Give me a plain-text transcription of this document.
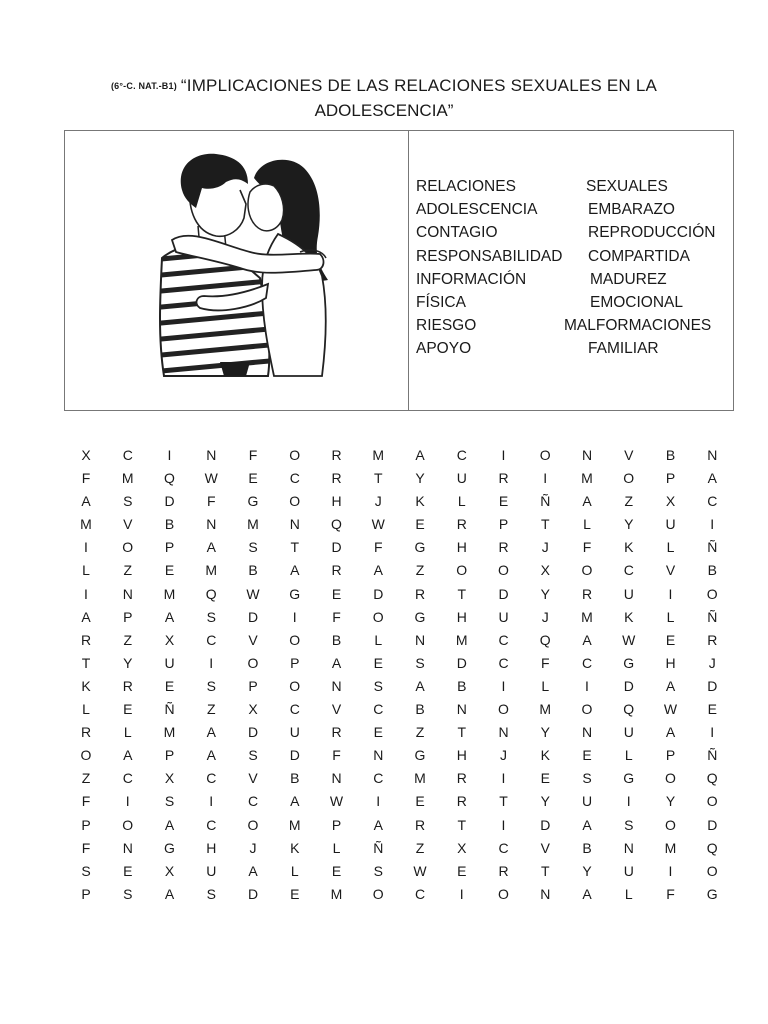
(6°-C. NAT.-B1) “IMPLICACIONES DE LAS RELACIONES SEXUALES EN LA
ADOLESCENCIA”
RELACIONES	SEXUALES
ADOLESCENCIA	EMBARAZO
CONTAGIO	REPRODUCCIÓN
RESPONSABILIDAD COMPARTIDA
INFORMACIÓN	MADUREZ
FÍSICA	EMOCIONAL
RIESGO	MALFORMACIONES
APOYO	FAMILIAR
X	C	I	N	F	O	R	M	A	C	I	O	N	V	B	N
F	M	Q	W	E	C	R	T	Y	U	R	I	M	O	P	A
A	S	D	F	G	O	H	J	K	L	E	Ñ	A	Z	X	C
M	V	B	N	M	N	Q	W	E	R	P	T	L	Y	U	I
I	O	P	A	S	T	D	F	G	H	R	J	F	K	L	Ñ
L	Z	E	M	B	A	R	A	Z	O	O	X	O	C	V	B
I	N	M	Q	W	G	E	D	R	T	D	Y	R	U	I	O
A	P	A	S	D	I	F	O	G	H	U	J	M	K	L	Ñ
R	Z	X	C	V	O	B	L	N	M	C	Q	A	W	E	R
T	Y	U	I	O	P	A	E	S	D	C	F	C	G	H	J
K	R	E	S	P	O	N	S	A	B	I	L	I	D	A	D
L	E	Ñ	Z	X	C	V	C	B	N	O	M	O	Q	W	E
R	L	M	A	D	U	R	E	Z	T	N	Y	N	U	A	I
O	A	P	A	S	D	F	N	G	H	J	K	E	L	P	Ñ
Z	C	X	C	V	B	N	C	M	R	I	E	S	G	O	Q
F	I	S	I	C	A	W	I	E	R	T	Y	U	I	Y	O
P	O	A	C	O	M	P	A	R	T	I	D	A	S	O	D
F	N	G	H	J	K	L	Ñ	Z	X	C	V	B	N	M	Q
S	E	X	U	A	L	E	S	W	E	R	T	Y	U	I	O
P	S	A	S	D	E	M	O	C	I	O	N	A	L	F	G
